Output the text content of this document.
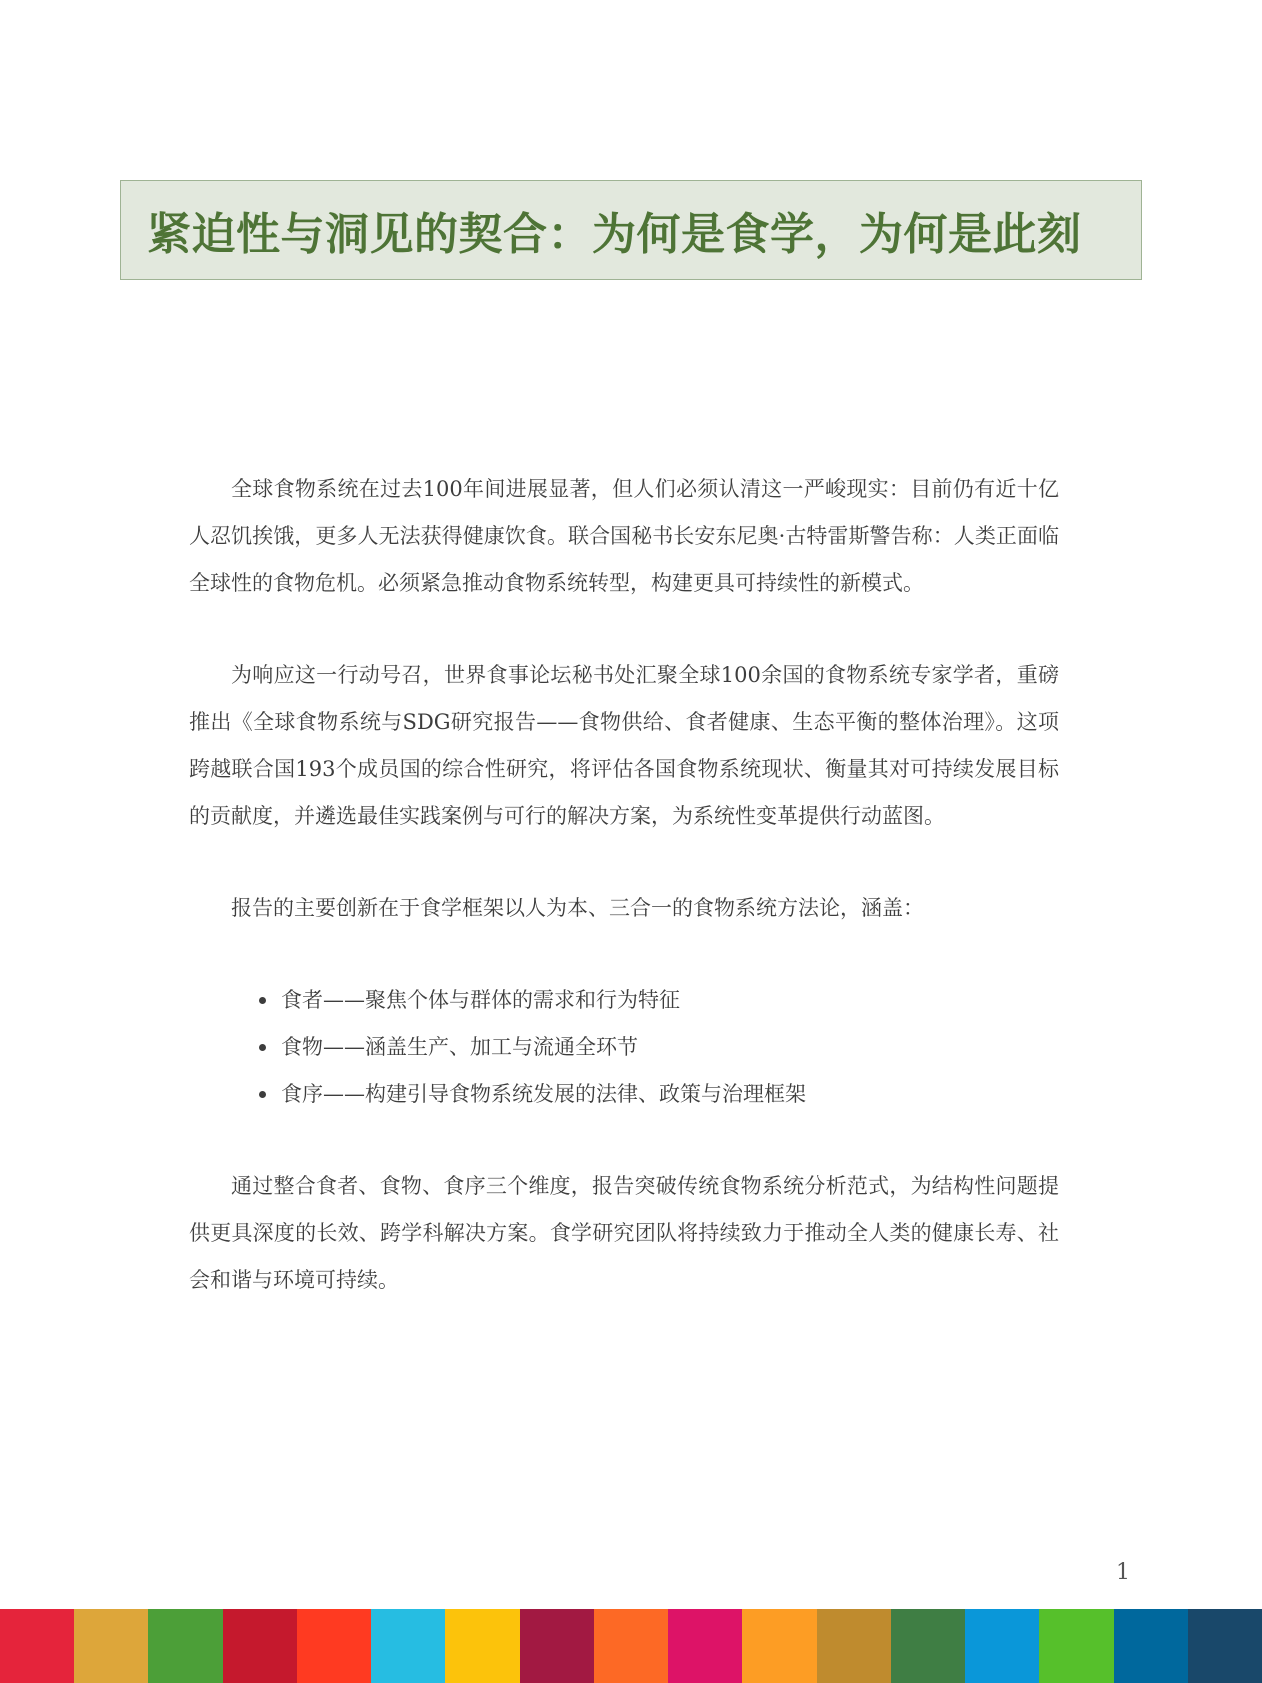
紧迫性与洞见的契合：为何是食学，为何是此刻

全球食物系统在过去100年间进展显著，但人们必须认清这一严峻现实：目前仍有近十亿人忍饥挨饿，更多人无法获得健康饮食。联合国秘书长安东尼奥·古特雷斯警告称：人类正面临全球性的食物危机。必须紧急推动食物系统转型，构建更具可持续性的新模式。

为响应这一行动号召，世界食事论坛秘书处汇聚全球100余国的食物系统专家学者，重磅推出《全球食物系统与SDG研究报告——食物供给、食者健康、生态平衡的整体治理》。这项跨越联合国193个成员国的综合性研究，将评估各国食物系统现状、衡量其对可持续发展目标的贡献度，并遴选最佳实践案例与可行的解决方案，为系统性变革提供行动蓝图。

报告的主要创新在于食学框架以人为本、三合一的食物系统方法论，涵盖：

食者——聚焦个体与群体的需求和行为特征
食物——涵盖生产、加工与流通全环节
食序——构建引导食物系统发展的法律、政策与治理框架

通过整合食者、食物、食序三个维度，报告突破传统食物系统分析范式，为结构性问题提供更具深度的长效、跨学科解决方案。食学研究团队将持续致力于推动全人类的健康长寿、社会和谐与环境可持续。

1
